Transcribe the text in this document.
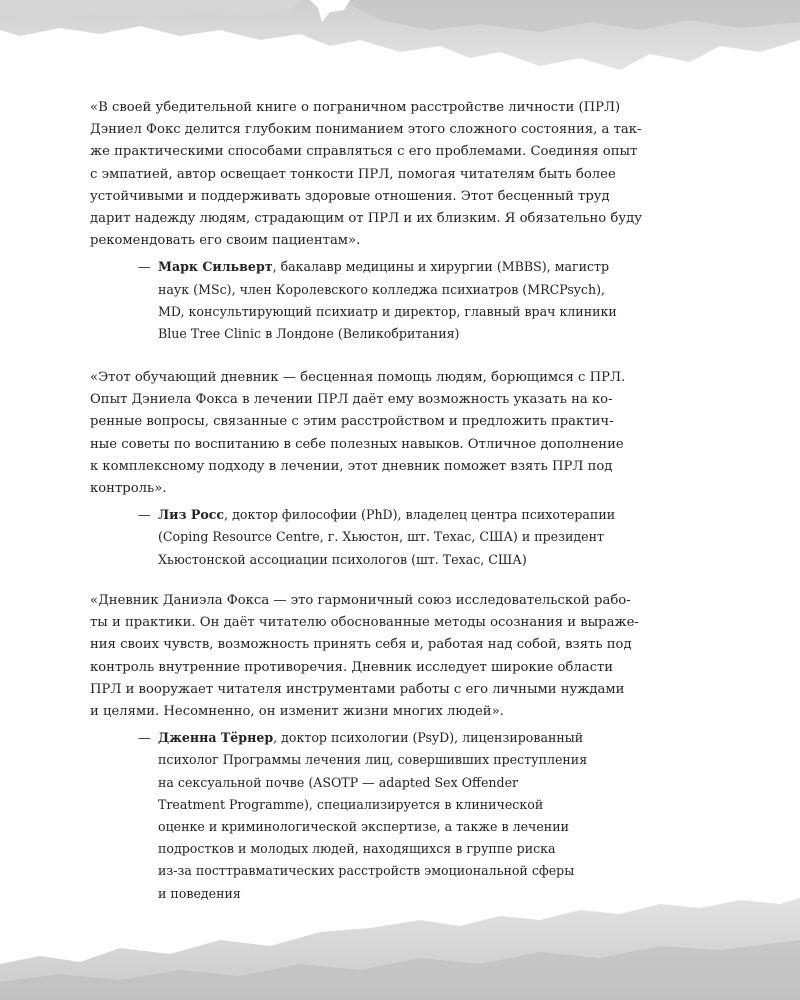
«В своей убедительной книге о пограничном расстройстве личности (ПРЛ)
Дэниел Фокс делится глубоким пониманием этого сложного состояния, а так-
же практическими способами справляться с его проблемами. Соединяя опыт
с эмпатией, автор освещает тонкости ПРЛ, помогая читателям быть более
устойчивыми и поддерживать здоровые отношения. Этот бесценный труд
дарит надежду людям, страдающим от ПРЛ и их близким. Я обязательно буду
рекомендовать его своим пациентам».

— Марк Сильверт, бакалавр медицины и хирургии (MBBS), магистр
наук (MSc), член Королевского колледжа психиатров (MRCPsych),
MD, консультирующий психиатр и директор, главный врач клиники
Blue Tree Clinic в Лондоне (Великобритания)

«Этот обучающий дневник — бесценная помощь людям, борющимся с ПРЛ.
Опыт Дэниела Фокса в лечении ПРЛ даёт ему возможность указать на ко-
ренные вопросы, связанные с этим расстройством и предложить практич-
ные советы по воспитанию в себе полезных навыков. Отличное дополнение
к комплексному подходу в лечении, этот дневник поможет взять ПРЛ под
контроль».

— Лиз Росс, доктор философии (PhD), владелец центра психотерапии
(Coping Resource Centre, г. Хьюстон, шт. Техас, США) и президент
Хьюстонской ассоциации психологов (шт. Техас, США)

«Дневник Даниэла Фокса — это гармоничный союз исследовательской рабо-
ты и практики. Он даёт читателю обоснованные методы осознания и выраже-
ния своих чувств, возможность принять себя и, работая над собой, взять под
контроль внутренние противоречия. Дневник исследует широкие области
ПРЛ и вооружает читателя инструментами работы с его личными нуждами
и целями. Несомненно, он изменит жизни многих людей».

— Дженна Тёрнер, доктор психологии (PsyD), лицензированный
психолог Программы лечения лиц, совершивших преступления
на сексуальной почве (ASOTP — adapted Sex Offender
Treatment Programme), специализируется в клинической
оценке и криминологической экспертизе, а также в лечении
подростков и молодых людей, находящихся в группе риска
из-за посттравматических расстройств эмоциональной сферы
и поведения
